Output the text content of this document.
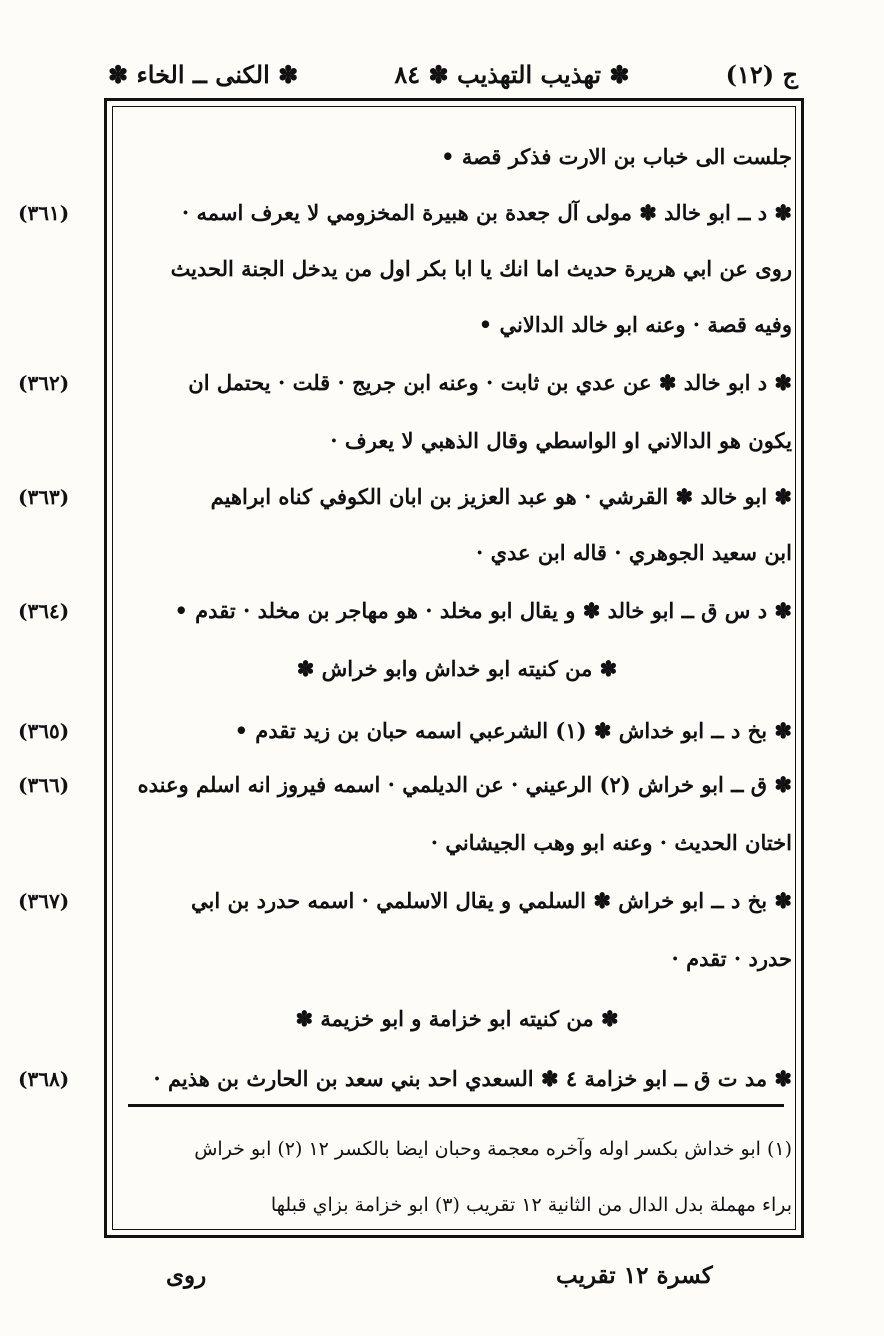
ج (١٢)
✽ تهذيب التهذيب ✽ ٨٤
✽ الكنى ــ الخاء ✽
جلست الى خباب بن الارت فذكر قصة •
(٣٦١)	✽ د ــ ابو خالد ✽ مولى آل جعدة بن هبيرة المخزومي لا يعرف اسمه ·
روى عن ابي هريرة حديث اما انك يا ابا بكر اول من يدخل الجنة الحديث
وفيه قصة · وعنه ابو خالد الدالاني •
(٣٦٢)	✽ د ابو خالد ✽ عن عدي بن ثابت · وعنه ابن جريج · قلت · يحتمل ان
يكون هو الدالاني او الواسطي وقال الذهبي لا يعرف ·
(٣٦٣)	✽ ابو خالد ✽ القرشي · هو عبد العزيز بن ابان الكوفي كناه ابراهيم
ابن سعيد الجوهري · قاله ابن عدي ·
(٣٦٤)	✽ د س ق ــ ابو خالد ✽ و يقال ابو مخلد · هو مهاجر بن مخلد · تقدم •
✽ من كنيته ابو خداش وابو خراش ✽
(٣٦٥)	✽ بخ د ــ ابو خداش ✽ (١) الشرعبي اسمه حبان بن زيد تقدم •
(٣٦٦)	✽ ق ــ ابو خراش (٢) الرعيني · عن الديلمي · اسمه فيروز انه اسلم وعنده
اختان الحديث · وعنه ابو وهب الجيشاني ·
(٣٦٧)	✽ بخ د ــ ابو خراش ✽ السلمي و يقال الاسلمي · اسمه حدرد بن ابي
حدرد · تقدم ·
✽ من كنيته ابو خزامة و ابو خزيمة ✽
(٣٦٨)	✽ مد ت ق ــ ابو خزامة ٤ ✽ السعدي احد بني سعد بن الحارث بن هذيم ·
(١) ابو خداش بكسر اوله وآخره معجمة وحبان ايضا بالكسر ١٢ (٢) ابو خراش
براء مهملة بدل الدال من الثانية ١٢ تقريب (٣) ابو خزامة بزاي قبلها
روى	كسرة ١٢ تقريب
